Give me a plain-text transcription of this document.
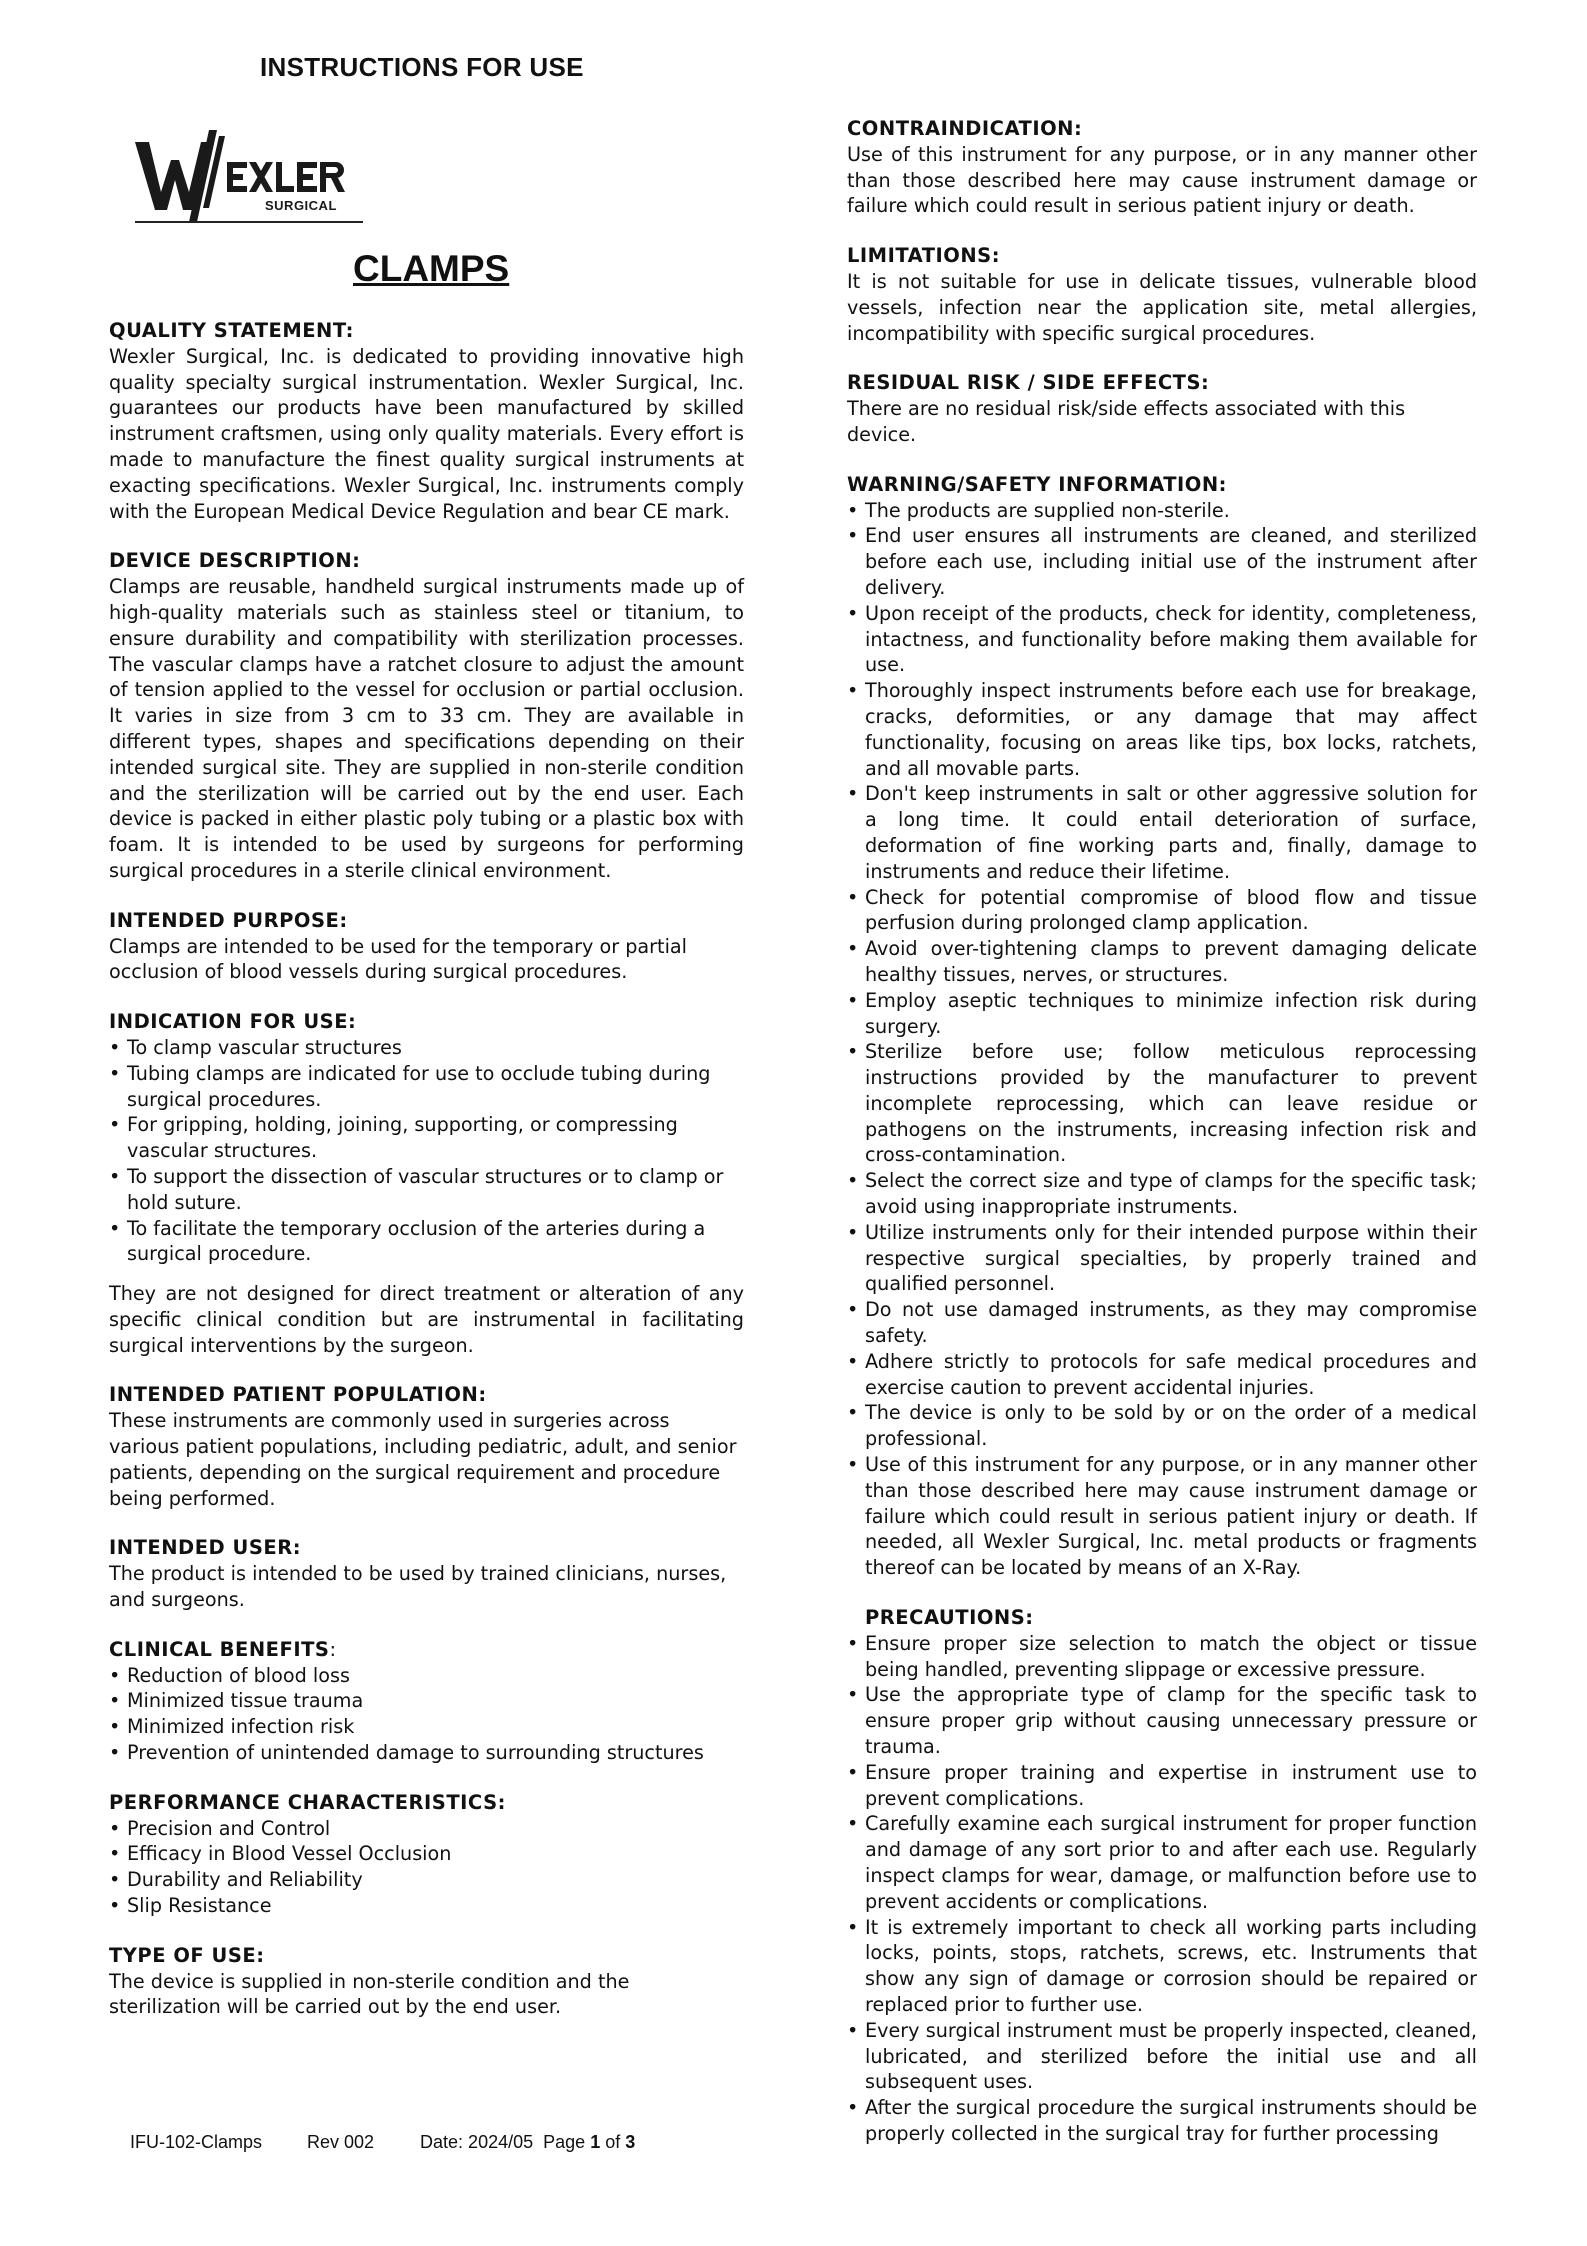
INSTRUCTIONS FOR USE
SURGICAL
CLAMPS
QUALITY STATEMENT:

Wexler Surgical, Inc. is dedicated to providing innovative high quality specialty surgical instrumentation. Wexler Surgical, Inc. guarantees our products have been manufactured by skilled instrument craftsmen, using only quality materials. Every effort is made to manufacture the finest quality surgical instruments at exacting specifications. Wexler Surgical, Inc. instruments comply with the European Medical Device Regulation and bear CE mark.

DEVICE DESCRIPTION:

Clamps are reusable, handheld surgical instruments made up of high-quality materials such as stainless steel or titanium, to ensure durability and compatibility with sterilization processes. The vascular clamps have a ratchet closure to adjust the amount of tension applied to the vessel for occlusion or partial occlusion. It varies in size from 3 cm to 33 cm. They are available in different types, shapes and specifications depending on their intended surgical site. They are supplied in non-sterile condition and the sterilization will be carried out by the end user. Each device is packed in either plastic poly tubing or a plastic box with foam. It is intended to be used by surgeons for performing surgical procedures in a sterile clinical environment.

INTENDED PURPOSE:

Clamps are intended to be used for the temporary or partial occlusion of blood vessels during surgical procedures.

INDICATION FOR USE:
• To clamp vascular structures
• Tubing clamps are indicated for use to occlude tubing during surgical procedures.
• For gripping, holding, joining, supporting, or compressing vascular structures.
• To support the dissection of vascular structures or to clamp or hold suture.
• To facilitate the temporary occlusion of the arteries during a surgical procedure.

They are not designed for direct treatment or alteration of any specific clinical condition but are instrumental in facilitating surgical interventions by the surgeon.

INTENDED PATIENT POPULATION:

These instruments are commonly used in surgeries across various patient populations, including pediatric, adult, and senior patients, depending on the surgical requirement and procedure being performed.

INTENDED USER:

The product is intended to be used by trained clinicians, nurses, and surgeons.

CLINICAL BENEFITS:
• Reduction of blood loss
• Minimized tissue trauma
• Minimized infection risk
• Prevention of unintended damage to surrounding structures
PERFORMANCE CHARACTERISTICS:
• Precision and Control
• Efficacy in Blood Vessel Occlusion
• Durability and Reliability
• Slip Resistance
TYPE OF USE:

The device is supplied in non-sterile condition and the sterilization will be carried out by the end user.

CONTRAINDICATION:

Use of this instrument for any purpose, or in any manner other than those described here may cause instrument damage or failure which could result in serious patient injury or death.

LIMITATIONS:

It is not suitable for use in delicate tissues, vulnerable blood vessels, infection near the application site, metal allergies, incompatibility with specific surgical procedures.

RESIDUAL RISK / SIDE EFFECTS:

There are no residual risk/side effects associated with this device.

WARNING/SAFETY INFORMATION:
• The products are supplied non-sterile.
• End user ensures all instruments are cleaned, and sterilized before each use, including initial use of the instrument after delivery.
• Upon receipt of the products, check for identity, completeness, intactness, and functionality before making them available for use.
• Thoroughly inspect instruments before each use for breakage, cracks, deformities, or any damage that may affect functionality, focusing on areas like tips, box locks, ratchets, and all movable parts.
• Don't keep instruments in salt or other aggressive solution for a long time. It could entail deterioration of surface, deformation of fine working parts and, finally, damage to instruments and reduce their lifetime.
• Check for potential compromise of blood flow and tissue perfusion during prolonged clamp application.
• Avoid over-tightening clamps to prevent damaging delicate healthy tissues, nerves, or structures.
• Employ aseptic techniques to minimize infection risk during surgery.
• Sterilize before use; follow meticulous reprocessing instructions provided by the manufacturer to prevent incomplete reprocessing, which can leave residue or pathogens on the instruments, increasing infection risk and cross-contamination.
• Select the correct size and type of clamps for the specific task; avoid using inappropriate instruments.
• Utilize instruments only for their intended purpose within their respective surgical specialties, by properly trained and qualified personnel.
• Do not use damaged instruments, as they may compromise safety.
• Adhere strictly to protocols for safe medical procedures and exercise caution to prevent accidental injuries.
• The device is only to be sold by or on the order of a medical professional.
• Use of this instrument for any purpose, or in any manner other than those described here may cause instrument damage or failure which could result in serious patient injury or death. If needed, all Wexler Surgical, Inc. metal products or fragments thereof can be located by means of an X-Ray.
PRECAUTIONS:
• Ensure proper size selection to match the object or tissue being handled, preventing slippage or excessive pressure.
• Use the appropriate type of clamp for the specific task to ensure proper grip without causing unnecessary pressure or trauma.
• Ensure proper training and expertise in instrument use to prevent complications.
• Carefully examine each surgical instrument for proper function and damage of any sort prior to and after each use. Regularly inspect clamps for wear, damage, or malfunction before use to prevent accidents or complications.
• It is extremely important to check all working parts including locks, points, stops, ratchets, screws, etc. Instruments that show any sign of damage or corrosion should be repaired or replaced prior to further use.
• Every surgical instrument must be properly inspected, cleaned, lubricated, and sterilized before the initial use and all subsequent uses.
• After the surgical procedure the surgical instruments should be properly collected in the surgical tray for further processing
IFU-102-Clamps Rev 002	Date: 2024/05 Page 1 of 3
